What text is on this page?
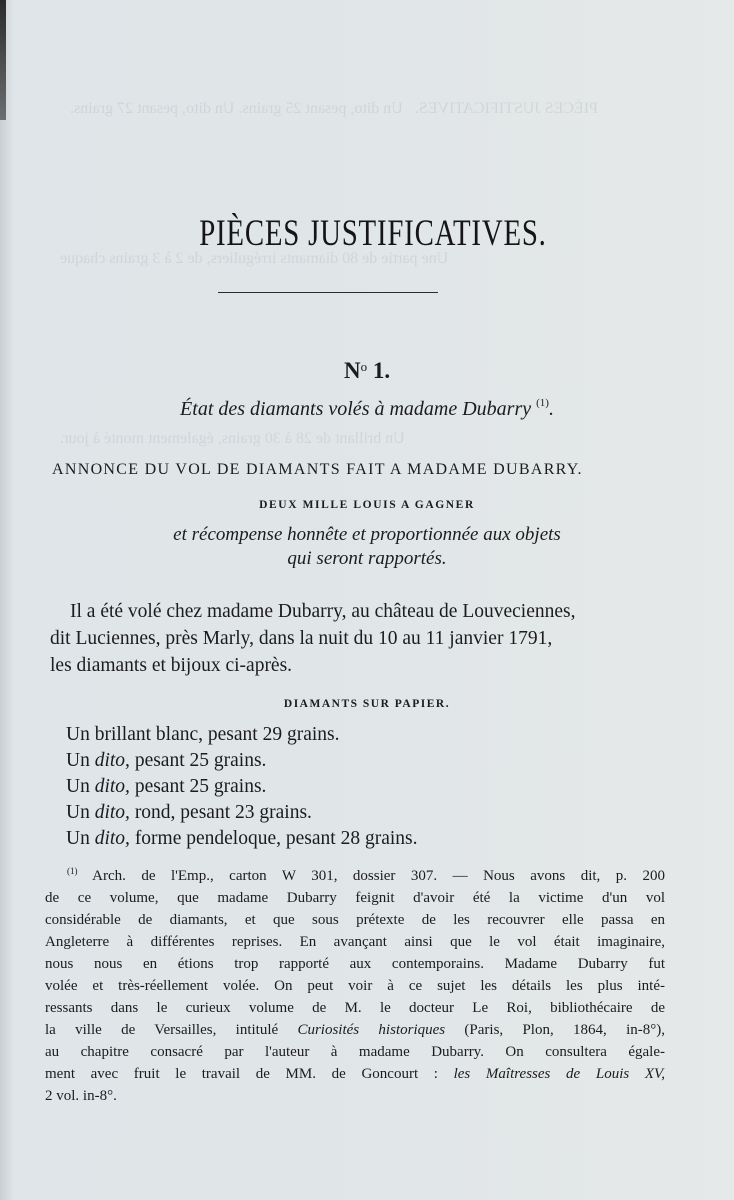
PIÈCES JUSTIFICATIVES.   Un dito, pesant 25 grains. Un dito, pesant 27 grains.
Une partie de 80 diamants irréguliers, de 2 à 3 grains chaque
Un brillant de 28 à 30 grains, également monté à jour.
PIÈCES JUSTIFICATIVES.
$N^o$ 1.
État des diamants volés à madame Dubarry $^{(1)}$.
ANNONCE DU VOL DE DIAMANTS FAIT A MADAME DUBARRY.
DEUX MILLE LOUIS A GAGNER
et récompense honnête et proportionnée aux objets
qui seront rapportés.
Il a été volé chez madame Dubarry, au château de Louveciennes,
dit Luciennes, près Marly, dans la nuit du 10 au 11 janvier 1791,
les diamants et bijoux ci-après.
DIAMANTS SUR PAPIER.
Un brillant blanc, pesant 29 grains.
Un dito, pesant 25 grains.
Un dito, pesant 25 grains.
Un dito, rond, pesant 23 grains.
Un dito, forme pendeloque, pesant 28 grains.
$^{(1)}$ Arch. de l'Emp., carton W 301, dossier 307. — Nous avons dit, p. 200
de ce volume, que madame Dubarry feignit d'avoir été la victime d'un vol
considérable de diamants, et que sous prétexte de les recouvrer elle passa en
Angleterre à différentes reprises. En avançant ainsi que le vol était imaginaire,
nous nous en étions trop rapporté aux contemporains. Madame Dubarry fut
volée et très-réellement volée. On peut voir à ce sujet les détails les plus inté-
ressants dans le curieux volume de M. le docteur Le Roi, bibliothécaire de
la ville de Versailles, intitulé Curiosités historiques (Paris, Plon, 1864, in-8°),
au chapitre consacré par l'auteur à madame Dubarry. On consultera égale-
ment avec fruit le travail de MM. de Goncourt : les Maîtresses de Louis XV,
2 vol. in-8°.
